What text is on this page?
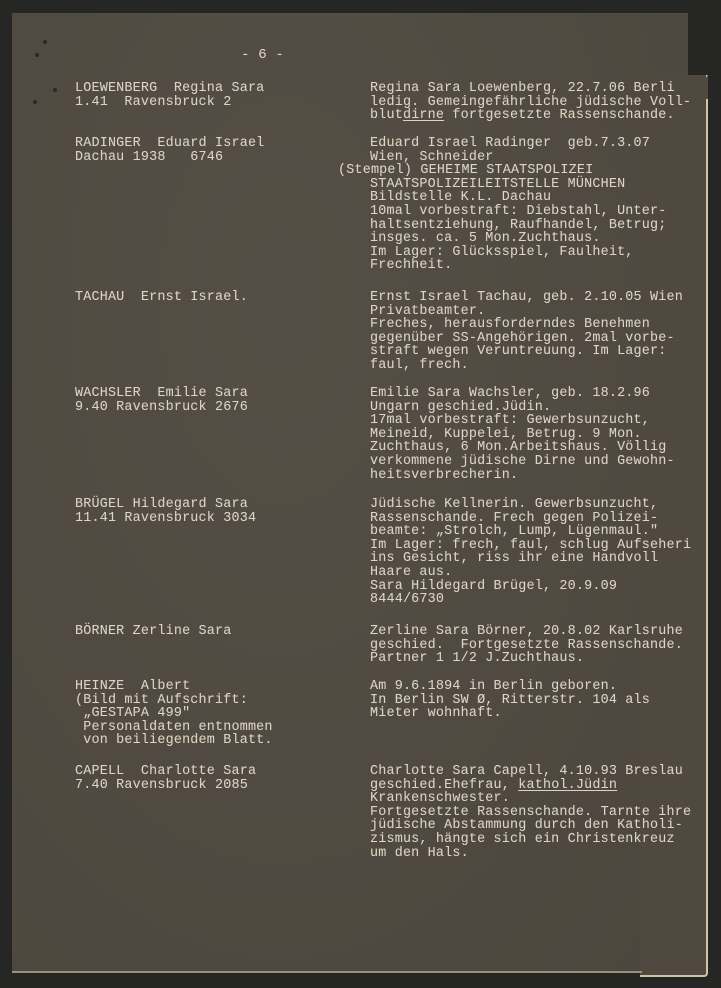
- 6 -
LOEWENBERG  Regina Sara
1.41  Ravensbruck 2
Regina Sara Loewenberg, 22.7.06 Berli
ledig. Gemeingefährliche jüdische Voll-
blutdirne fortgesetzte Rassenschande.
RADINGER  Eduard Israel
Dachau 1938   6746
Eduard Israel Radinger  geb.7.3.07
Wien, Schneider
(Stempel) GEHEIME STAATSPOLIZEI
STAATSPOLIZEILEITSTELLE MÜNCHEN
Bildstelle K.L. Dachau
10mal vorbestraft: Diebstahl, Unter-
haltsentziehung, Raufhandel, Betrug;
insges. ca. 5 Mon.Zuchthaus.
Im Lager: Glücksspiel, Faulheit,
Frechheit.
TACHAU  Ernst Israel.	Ernst Israel Tachau, geb. 2.10.05 Wien
Privatbeamter.
Freches, herausforderndes Benehmen
gegenüber SS-Angehörigen. 2mal vorbe-
straft wegen Veruntreuung. Im Lager:
faul, frech.
WACHSLER  Emilie Sara
9.40 Ravensbruck 2676
Emilie Sara Wachsler, geb. 18.2.96
Ungarn geschied.Jüdin.
17mal vorbestraft: Gewerbsunzucht,
Meineid, Kuppelei, Betrug. 9 Mon.
Zuchthaus, 6 Mon.Arbeitshaus. Völlig
verkommene jüdische Dirne und Gewohn-
heitsverbrecherin.
BRÜGEL Hildegard Sara
11.41 Ravensbruck 3034
Jüdische Kellnerin. Gewerbsunzucht,
Rassenschande. Frech gegen Polizei-
beamte: „Strolch, Lump, Lügenmaul."
Im Lager: frech, faul, schlug Aufseheri
ins Gesicht, riss ihr eine Handvoll
Haare aus.
Sara Hildegard Brügel, 20.9.09
8444/6730
BÖRNER Zerline Sara	Zerline Sara Börner, 20.8.02 Karlsruhe
geschied.  Fortgesetzte Rassenschande.
Partner 1 1/2 J.Zuchthaus.
HEINZE  Albert
(Bild mit Aufschrift:
„GESTAPA 499"
Personaldaten entnommen
von beiliegendem Blatt.
Am 9.6.1894 in Berlin geboren.
In Berlin SW Ø, Ritterstr. 104 als
Mieter wohnhaft.
CAPELL  Charlotte Sara
7.40 Ravensbruck 2085
Charlotte Sara Capell, 4.10.93 Breslau
geschied.Ehefrau, kathol.Jüdin
Krankenschwester.
Fortgesetzte Rassenschande. Tarnte ihre
jüdische Abstammung durch den Katholi-
zismus, hängte sich ein Christenkreuz
um den Hals.
